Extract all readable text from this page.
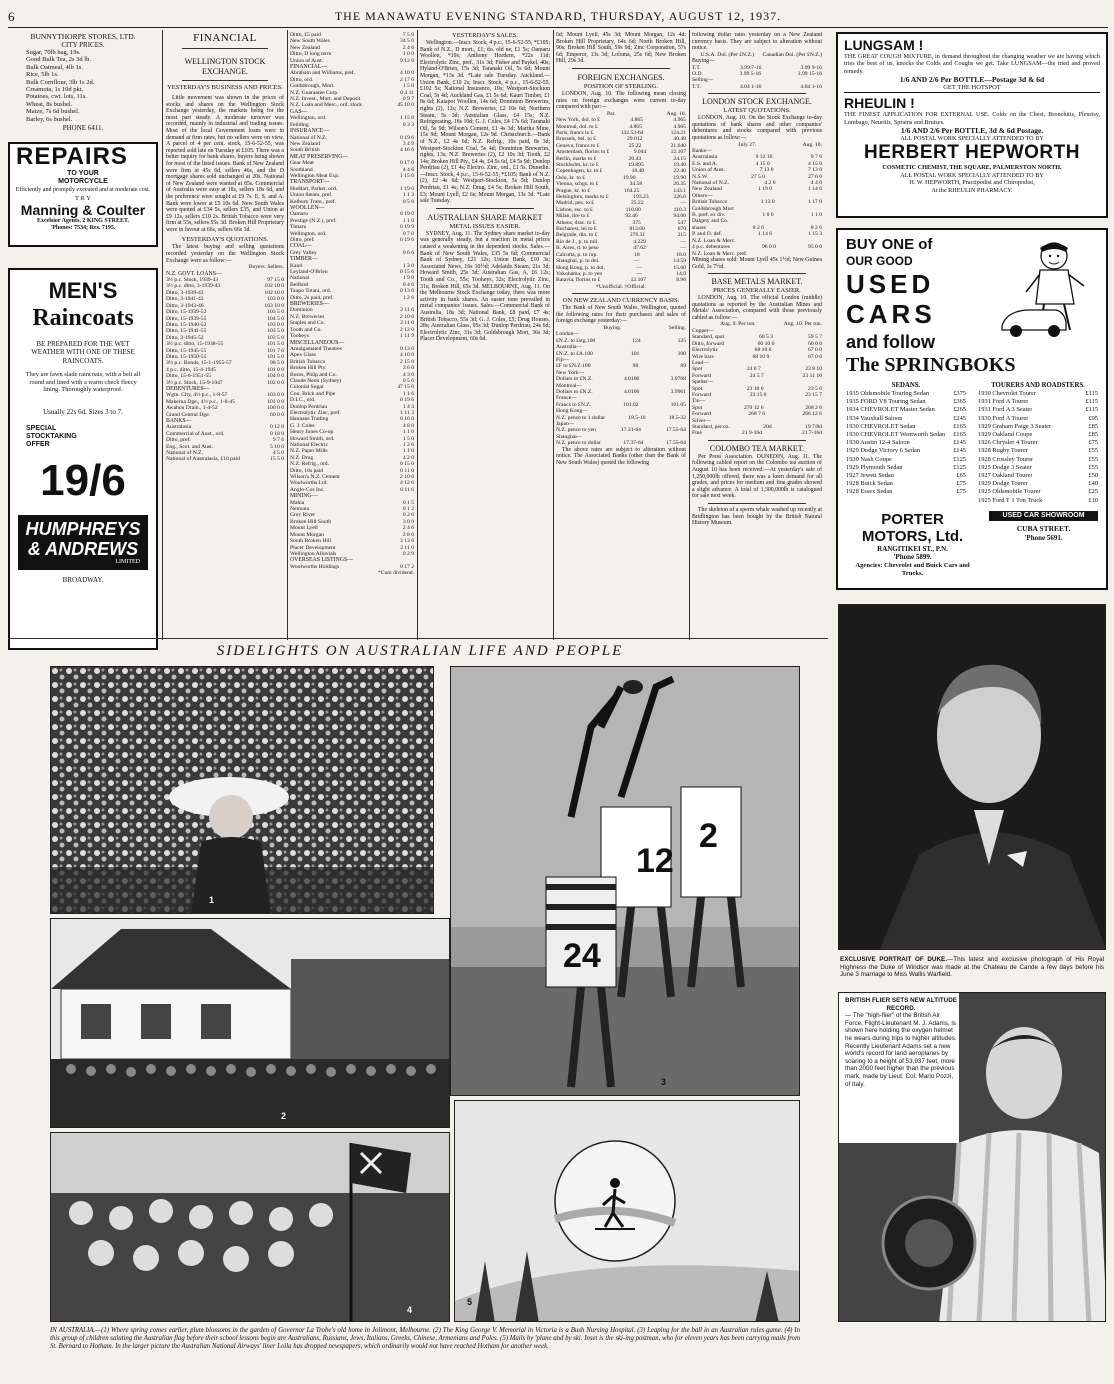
6	THE MANAWATU EVENING STANDARD, THURSDAY, AUGUST 12, 1937.
BUNNYTHORPE STORES, LTD.
CITY PRICES.
Sugar, 70lb bag, 19s.
Good Bulk Tea, 2s 3d lb.
Bulk Oatmeal, 4lb 1s.
Rice, 5lb 1s.
Bulk Cornflour, 3lb 1s 2d.
Creamota, 1s 10d pkt.
Potatoes, cwt. lots, 11s.
Wheat, 8s bushel.
Maize, 7s 6d bushel.
Barley, 6s bushel.
PHONE 6411.
REPAIRS
TO YOUR
MOTORCYCLE
Efficiently and promptly executed and at moderate cost.
T R Y
Manning & Coulter
Excelsior Agents, 2 KING STREET.
'Phones: 7534; Res. 7195.
MEN'S
Raincoats
BE PREPARED FOR THE WET WEATHER WITH ONE OF THESE RAINCOATS.
They are fawn slade raincoats, with a belt all round and lined with a warm check fleecy lining. Thoroughly waterproof.
Usually 22s 6d. Sizes 3 to 7.
SPECIAL
STOCKTAKING
OFFER
19/6
HUMPHREYS
& ANDREWS
LIMITED
BROADWAY.
FINANCIAL
WELLINGTON STOCK EXCHANGE.
YESTERDAY'S BUSINESS AND PRICES.
Little movement was shown in the prices of stocks and shares on the Wellington Stock Exchange yesterday, the markets being for the most part steady. A moderate turnover was recorded, mainly in industrial and trading issues. Most of the local Government loans were in demand at firm rates, but no sellers were on view. A parcel of 4 per cent. stock, 15-6-52-55, was reported sold late on Tuesday at £105. There was a better inquiry for bank shares, buyers being shown for most of the listed issues. Bank of New Zealand were firm at 45s 6d, sellers 46s, and the D mortgage shares sold unchanged at 20s. National of New Zealand were wanted at 85s. Commercial of Australia were easy at 18s, sellers 18s 6d, and the preference were sought at £9 7s. E. S. and A. Bank were lower at £5 10s 6d. New South Wales were quoted at £34 5s, sellers £35, and Union at £9 12s, sellers £10 2s. British Tobacco were very firm at 55s, sellers 55s 3d. Broken Hill Proprietary were in favour at 66s, sellers 66s 3d.
YESTERDAY'S QUOTATIONS.
The latest buying and selling quotations recorded yesterday on the Wellington Stock Exchange were as follow:—
Buyers. Sellers.
N.Z. GOVT. LOANS—
3½ p.c. Stock, 1939-43	97 15 0
3½ p.c. ditto, 3-1939-43	102 10 0
Ditto, 3-1939-43	102 10 0
Ditto, 3-1941-43	103 0 0
Ditto, 3-1943-46	103 10 0
Ditto, 15-1939-52	103 5 0
Ditto, 15-1939-55	104 5 0
Ditto, 15-1940-52	103 0 0
Ditto, 15-1941-55	103 5 0
Ditto, 3-1945-52	103 5 0
3½ p.c. ditto, 15-1938-55	101 5 0
Ditto, 15-1945-55	101 7 6
Ditto, 15-1950-55	101 5 0
3½ p.c. Bonds, 15-1-1955-57	98 5 0
4 p.c. ditto, 15-4-1945	101 0 0
Ditto, 15-6-1951-55	104 0 0
3½ p.c. Stock, 15-9-1947	102 0 0
DEBENTURES—
Wgtn. City, 4½ p.c., 1-8-57	103 0 0
Makerua Dge., 4½ p.c., 1-8-45	101 0 0
Awahou Drain., 1-4-52	100 0 0
Grand Central Dge.	60 0 0
BANKS—
Australasia	0 12 8
Commercial of Aust., ord.	0 18 0
Ditto, pref.	9 7 6
Eng., Scot. and Aust.	5 10 6
National of N.Z.	4 5 0
National of Australasia, £10 paid	15 5 0
Ditto, £5 paid	7 5 0
New South Wales	34 5 0
New Zealand	2 4 6
Ditto, D long term	1 0 0
Union of Aust.	9 12 0
FINANCIAL—
Abraham and Williams, pref.	4 10 0
Ditto, ord.	2 17 6
Goldsbrough, Mort.	1 5 0
N.Z. Guarantee Corp.	0 4 11
N.Z. Invest., Mort. and Deposit	0 9 7
N.Z. Loan and Merc., ord. stock	45 10 0
GAS—
Wellington, ord.	1 15 0
Feilding	0 3 3
INSURANCE—
National of N.Z.	0 19 6
New Zealand	3 4 9
South British	4 16 6
MEAT PRESERVING—
Gear Meat	0 17 0
Southland	4 4 6
Wellington Meat Exp.	1 15 0
TRANSPORT—
Huddart, Parker, ord.	1 19 0
Union Steam, pref.	1 1 3
Kelburn Tram., pref.	0 5 0
WOOLLEN—
Oamaru	0 19 0
Prestige (N.Z.), pref.	1 1 0
Timaru	0 19 9
Wellington, ord.	0 7 0
Ditto, pref.	0 19 6
COAL—
Grey Valley	0 6 6
TIMBER—
Kauri	1 3 0
Leyland-O'Brien	0 15 6
National	1 9 0
Bellbird	0 4 6
Taupo Totara, ord.	0 13 0
Ditto, 2s paid, pref.	1 2 6
BREWERIES—
Dominion	2 11 6
N.Z. Breweries	2 10 0
Staples and Co.	2 11 0
Tooth and Co.	2 12 0
Tooheys	1 11 9
MISCELLANEOUS—
Amalgamated Theatres	0 13 0
Apex Glass	4 10 0
British Tobacco	2 15 0
Broken Hill Pty.	3 6 0
Burns, Philp and Co.	4 3 0
Claude Neon (Sydney)	0 5 6
Colonial Sugar	47 15 0
Con. Brick and Pipe	1 1 6
D.I.C., ord.	0 19 6
Dunlop Perdriau	1 4 3
Electrolytic Zinc, pref.	1 11 3
Hannans Trading	0 16 0
G. J. Coles	4 8 0
Henry Jones Co-op.	1 1 6
Howard Smith, ord.	1 5 0
National Electric	1 2 6
N.Z. Paper Mills	1 1 6
N.Z. Drug	4 2 0
N.Z. Refrig., ord.	0 15 0
Ditto, 10s paid	0 11 0
Wilson's N.Z. Cement	2 10 0
Woolworths Ltd.	4 12 6
Anglo-Cos Inc.	0 11 6
MINING—
Mahia	0 1 5
Nemona	0 1 2
Grey River	0 2 6
Broken Hill South	3 0 0
Mount Lyell	2 4 6
Mount Morgan	2 8 6
South Broken Hill	3 13 6
Placer Development	2 11 0
Wellington Alluvials	0 2 9
OVERSEAS LISTINGS—
Woolworths Holdings	0 17 2
*Cum dividend.
YESTERDAY'S SALES.
Wellington.—Inscr. Stock, 4 p.c., 15-6-52-55, *£105; Bank of N.Z., D mort., £1; do. old ne, £1 5s; Oamaru Woollen, *19s; Anthony Hordern, *22s 11d; Electrolytic Zinc, pref., 31s 3d; Fisher and Paykel, 40s; Hyland-O'Brien, 15s 3d; Taranaki Oil, 5s 6d; Mount Morgan, *13s 3d. *Late sale Tuesday. Auckland.—Union Bank, £10 2s; Inscr. Stock, 4 p.c., 15-6-52-55, £102 5s; National Insurance, 19s; Westport-Stockton Coal, 5s 4d; Auckland Gas, £1 5s 6d; Kauri Timber, £1 8s 6d; Kaiapoi Woollen, 14s 6d; Dominion Breweries, rights (2), 12s; N.Z. Breweries, £2 10s 6d; Northern Steam, 5s 3d; Australian Glass, £4 15s; N.Z. Refrigerating, 18s 10d; G. J. Coles, £4 17s 6d; Taranaki Oil, 5s 9d; Wilson's Cement, £1 4s 3d; Martha Mine, 15s 9d; Mount Morgan, 12s 9d. Christchurch.—Bank of N.Z., £2 4s 6d; N.Z. Refrig., 10s paid, 8s 3d; Westport-Stockton Coal, 5s 4d; Dominion Breweries, rights, 13s; N.Z. Breweries (2), £2 10s 3d; Tooth, £2 14s; Broken Hill Pty., £4 4s, £4 5s 6d, £4 5s 9d; Dunlop Perdriau (2), £1 4s; Electro. Zinc, ord., £1 5s. Dunedin.—Inscr. Stock, 4 p.c., 15-6-52-55, *£105; Bank of N.Z. (2), £2 4s 6d; Westport-Stockton, 5s 5d; Dunlop Perdriau, £1 4s; N.Z. Drug, £4 5s; Broken Hill South, £3; Mount Lyell, £2 6s; Mount Morgan, 13s 3d. *Late sale Tuesday.
AUSTRALIAN SHARE MARKET
METAL ISSUES EASIER.
SYDNEY, Aug. 11. The Sydney share market to-day was generally steady, but a reaction in metal prices caused a weakening in the dependent stocks. Sales.—Bank of New South Wales, £35 5s 6d; Commercial Bank of Sydney, £21 12s; Union Bank, £10 3s; Associated News, 16s 10½d; Adelaide Steam, 21s 3d; Howard Smith, 25s 3d; Australian Gas, A, £6 12s; Tooth and Co., 55s; Tooheys, 32s; Electrolytic Zinc, 31s; Broken Hill, 65s 3d. MELBOURNE, Aug. 11. On the Melbourne Stock Exchange today, there was more activity in bank shares. An easier tone prevailed in metal companies' issues. Sales.—Commercial Bank of Australia, 18s 3d; National Bank, £8 paid, £7 4s; British Tobacco, 55s 3d; G. J. Coles, £5; Drug Houses, 28s; Australian Glass, 95s 3d; Dunlop Perdriau, 24s 6d; Electrolytic Zinc, 31s 3d; Goldsbrough Mort, 36s 3d; Placer Development, 60s 6d.
6d; Mount Lyell, 45s 3d; Mount Morgan, 12s 4d; Broken Hill Proprietary, 64s 6d; North Broken Hill, 90s; Broken Hill South, 59s 9d; Zinc Corporation, 57s 6d; Emperor, 13s 3d; Loloma, 25s 6d; New Broken Hill, 29s 3d.
FOREIGN EXCHANGES.
POSITION OF STERLING.
LONDON, Aug. 10. The following mean closing rates on foreign exchanges were current to-day compared with par:—
Par.	Aug. 10.
New York, dol. to £	4.865	4.965
Montreal, dol. to £	4.865	4.965
Paris, francs to £	132.53-64	124.21
Brussels, bel. to £	29.012	40.48
Geneva, francs to £	25.22	21.640
Amsterdam, florins to £	9.044	12.107
Berlin, marks to £	20.43	24.15
Stockholm, kr. to £	19.895	19.40
Copenhagen, kr. to £	18.40	22.40
Oslo, kr. to £	19.90	19.90
Vienna, schgs. to £	34.58	26.35
Prague, kr. to £	164.25	143.1
Helsingfors, marks to £	193.23	226.0
Madrid, pes. to £	25.22	—
Lisbon, esc. to £	110.00	110.3
Milan, lire to £	92.46	94.00
Athens, drac. to £	375	547
Bucharest, lei to £	813.60	670
Belgrade, din. to £	276.31	215
Rio de J., p. to mil.	4.229	—
B. Aires, d. to peso	47.62	—
Calcutta, p. to rup.	18	18.0
Shanghai, p. to dol.	—	14.59
Hong Kong, p. to dol.	—	15.00
Yokohama, p. to yen	—	14.0
Batavia, florins to £	12.107	8.96
*Unofficial. †Official.
ON NEW ZEALAND CURRENCY BASIS.
The Bank of New South Wales, Wellington, quoted the following rates for their purchases and sales of foreign exchange yesterday:—
Buying.	Selling.
London—
£N.Z. to £stg.100	124	125
Australia—
£N.Z. to £A.100	101	100
Fiji—
£F to £N.Z.100	90	89
New York—
Dollars to £N.Z.	4.0106	3.9768
Montreal—
Dollars to £N.Z.	4.0106	3.9961
France—
Francs to £N.Z.	101.02	101.05
Hong Kong—
N.Z. pence to 1 dollar	18.5-16	18.5-32
Japan—
N.Z. pence to yen	17.31-64	17.55-64
Shanghai—
N.Z. pence to dollar	17.37-64	17.55-64
The above rates are subject to alteration without notice. The Associated Banks (other than the Bank of New South Wales) quoted the following
following dollar rates yesterday on a New Zealand currency basis. They are subject to alteration without notice.
U.S.A. Dol. (Per £N.Z.)	Canadian Dol. (Per £N.Z.)
Buying—
T.T.	3.99 7-16	3.99 9-16
O.D.	3.99 5-16	3.99 15-16
Selling—
T.T.	4.04 1-16	4.04 1-16
LONDON STOCK EXCHANGE.
LATEST QUOTATIONS.
LONDON, Aug. 10. On the Stock Exchange to-day quotations of bank shares and other companies' debentures and stocks compared with previous quotations as follow:—
July 27.	Aug. 10.
Banks—
Australasia	9 12 10	9 7 6
E.S. and A.	4 15 0	4 15 0
Union of Aust.	7 13 0	7 13 0
N.S.W.	27 5 0	27 6 0
National of N.Z.	4 2 6	4 4 0
New Zealand	1 19 0	1 14 6
Others—
British Tobacco	1 13 0	1 17 0
Goldsbrough Mort
B. pref. ex div.	1 0 0	1 1 0
Dalgety and Co.
shares	8 2 6	8 2 6
P. and O. def.	1 14 6	1 15 3
N.Z. Loan & Merc.
4 p.c. debentures	96 0 0	95 0 0
N.Z. Loan & Merc. pref.
Mining shares sold: Mount Lyell 45s 1½d; New Guinea Gold, 1s 7½d.
BASE METALS MARKET.
PRICES GENERALLY EASIER.
LONDON, Aug. 10. The official London (middle) quotations as reported by the Australian Mines and Metals' Association, compared with those previously cabled as follow:—
Aug. 9. Per ton.	Aug. 10. Per ton.
Copper—
Standard, spot	60 5 3	59 5 7
Ditto, forward	60 10 0	60 0 0
Electrolytic	68 10 0	67 0 0
Wire bars	68 10 0	67 0 0
Lead—
Spot	24 0 7	23 8 10
Forward	24 5 7	23 11 10
Spelter—
Spot	23 10 0	23 5 0
Forward	23 15 0	23 15 7
Tin—
Spot	270 12 6	268 2 6
Forward	268 7 6	266 12 6
Silver—
Standard, per oz.	20d	19 7/8d
Fine	21 9-16d	21 7-16d
COLOMBO TEA MARKET.
Per Press Association. DUNEDIN, Aug. 11. The following cabled report on the Colombo tea auction of August 10 has been received:—At yesterday's sale of 1,250,000lb offered, there was a keen demand for all grades, and prices for medium and fine grades showed a slight advance. A total of 1,300,000lb is catalogued for sale next week.
The skeleton of a sperm whale washed up recently at Bridlington has been bought by the British Natural History Museum.
LUNGSAM !
THE GREAT COUGH MIXTURE, in demand throughout the changing weather we are having which tries the best of us, knocks the Colds and Coughs we get. Take LUNGSAM—the tried and proved remedy.
1/6 AND 2/6 Per BOTTLE—Postage 3d & 6d
GET THE HOTSPOT
RHEULIN !
THE FINEST APPLICATION FOR EXTERNAL USE. Colds on the Chest, Bronchitis, Pleurisy, Lumbago, Neuritis, Sprains and Bruises.
1/6 AND 2/6 Per BOTTLE, 3d & 6d Postage.
ALL POSTAL WORK SPECIALLY ATTENDED TO BY
HERBERT HEPWORTH
COSMETIC CHEMIST, THE SQUARE, PALMERSTON NORTH.
ALL POSTAL WORK SPECIALLY ATTENDED TO BY
H. W. HEPWORTH, Practipodist and Chiropodist,
At the RHEULIN PHARMACY.
BUY ONE of
OUR GOOD
USED
CARS
and follow
The SPRINGBOKS
SEDANS.
1935 Oldsmobile Touring Sedan	£375
1935 FORD V8 Touring Sedan	£365
1934 CHEVROLET Master Sedan	£265
1934 Vauxhall Saloon	£245
1930 CHEVROLET Sedan	£165
1930 CHEVROLET Wentworth Sedan	£165
1930 Austin 12-4 Saloon	£145
1929 Dodge Victory 6 Sedan	£145
1930 Nash Coupe	£125
1929 Plymouth Sedan	£125
1927 Jewett Sedan	£65
1928 Buick Sedan	£75
1928 Essex Sedan	£75
TOURERS AND ROADSTERS.
1930 Chevrolet Tourer	£115
1931 Ford A Tourer	£115
1931 Ford A 3 Seater	£115
1930 Ford A Tourer	£95
1929 Graham Paige 3 Seater	£85
1929 Oakland Coupe	£85
1926 Chrysler 4 Tourer	£75
1928 Rugby Tourer	£55
1928 Crossley Tourer	£55
1925 Dodge 3 Seater	£55
1927 Oakland Tourer	£50
1929 Dodge Tourer	£40
1925 Oldsmobile Tourer	£25
1925 Ford T 1 Ton Truck	£10
PORTER MOTORS, Ltd.
RANGITIKEI ST., P.N.
'Phone 5899.
Agencies: Chevrolet and Buick Cars and Trucks.
USED CAR SHOWROOM
CUBA STREET.
'Phone 5691.
SIDELIGHTS ON AUSTRALIAN LIFE AND PEOPLE
1
12
24
2
3
2
4
5
IN AUSTRALIA.—(1) Where spring comes earlier, plum blossoms in the garden of Governor La Trobe's old home in Jolimont, Melbourne. (2) The King George V. Memorial in Victoria is a Bush Nursing Hospital. (3) Leaping for the ball in an Australian rules game. (4) In this group of children saluting the Australian flag before their school lessons begin are Australians, Russians, Jews, Italians, Greeks, Chinese, Armenians and Poles. (5) Mails by 'plane and by ski. Inset is the ski-ing postman, who for eleven years has been carrying mails from St. Bernard to Hotham. In the larger picture the Australian National Airways' liner Loila has dropped newspapers, which ordinarily would not have reached Hotham for another week.
EXCLUSIVE PORTRAIT OF DUKE.—This latest and exclusive photograph of His Royal Highness the Duke of Windsor was made at the Chateau de Cande a few days before his June 3 marriage to Miss Wallis Warfield.
BRITISH FLIER SETS NEW ALTITUDE RECORD.
— The "high-flier" of the British Air Force, Flight-Lieutenant M. J. Adams, is shown here holding the oxygen helmet he wears during trips to higher altitudes. Recently Lieutenant Adams set a new world's record for land aeroplanes by soaring to a height of 53,937 feet, more than 2000 feet higher than the previous mark, made by Lieut. Col. Mario Pozzi, of Italy.
